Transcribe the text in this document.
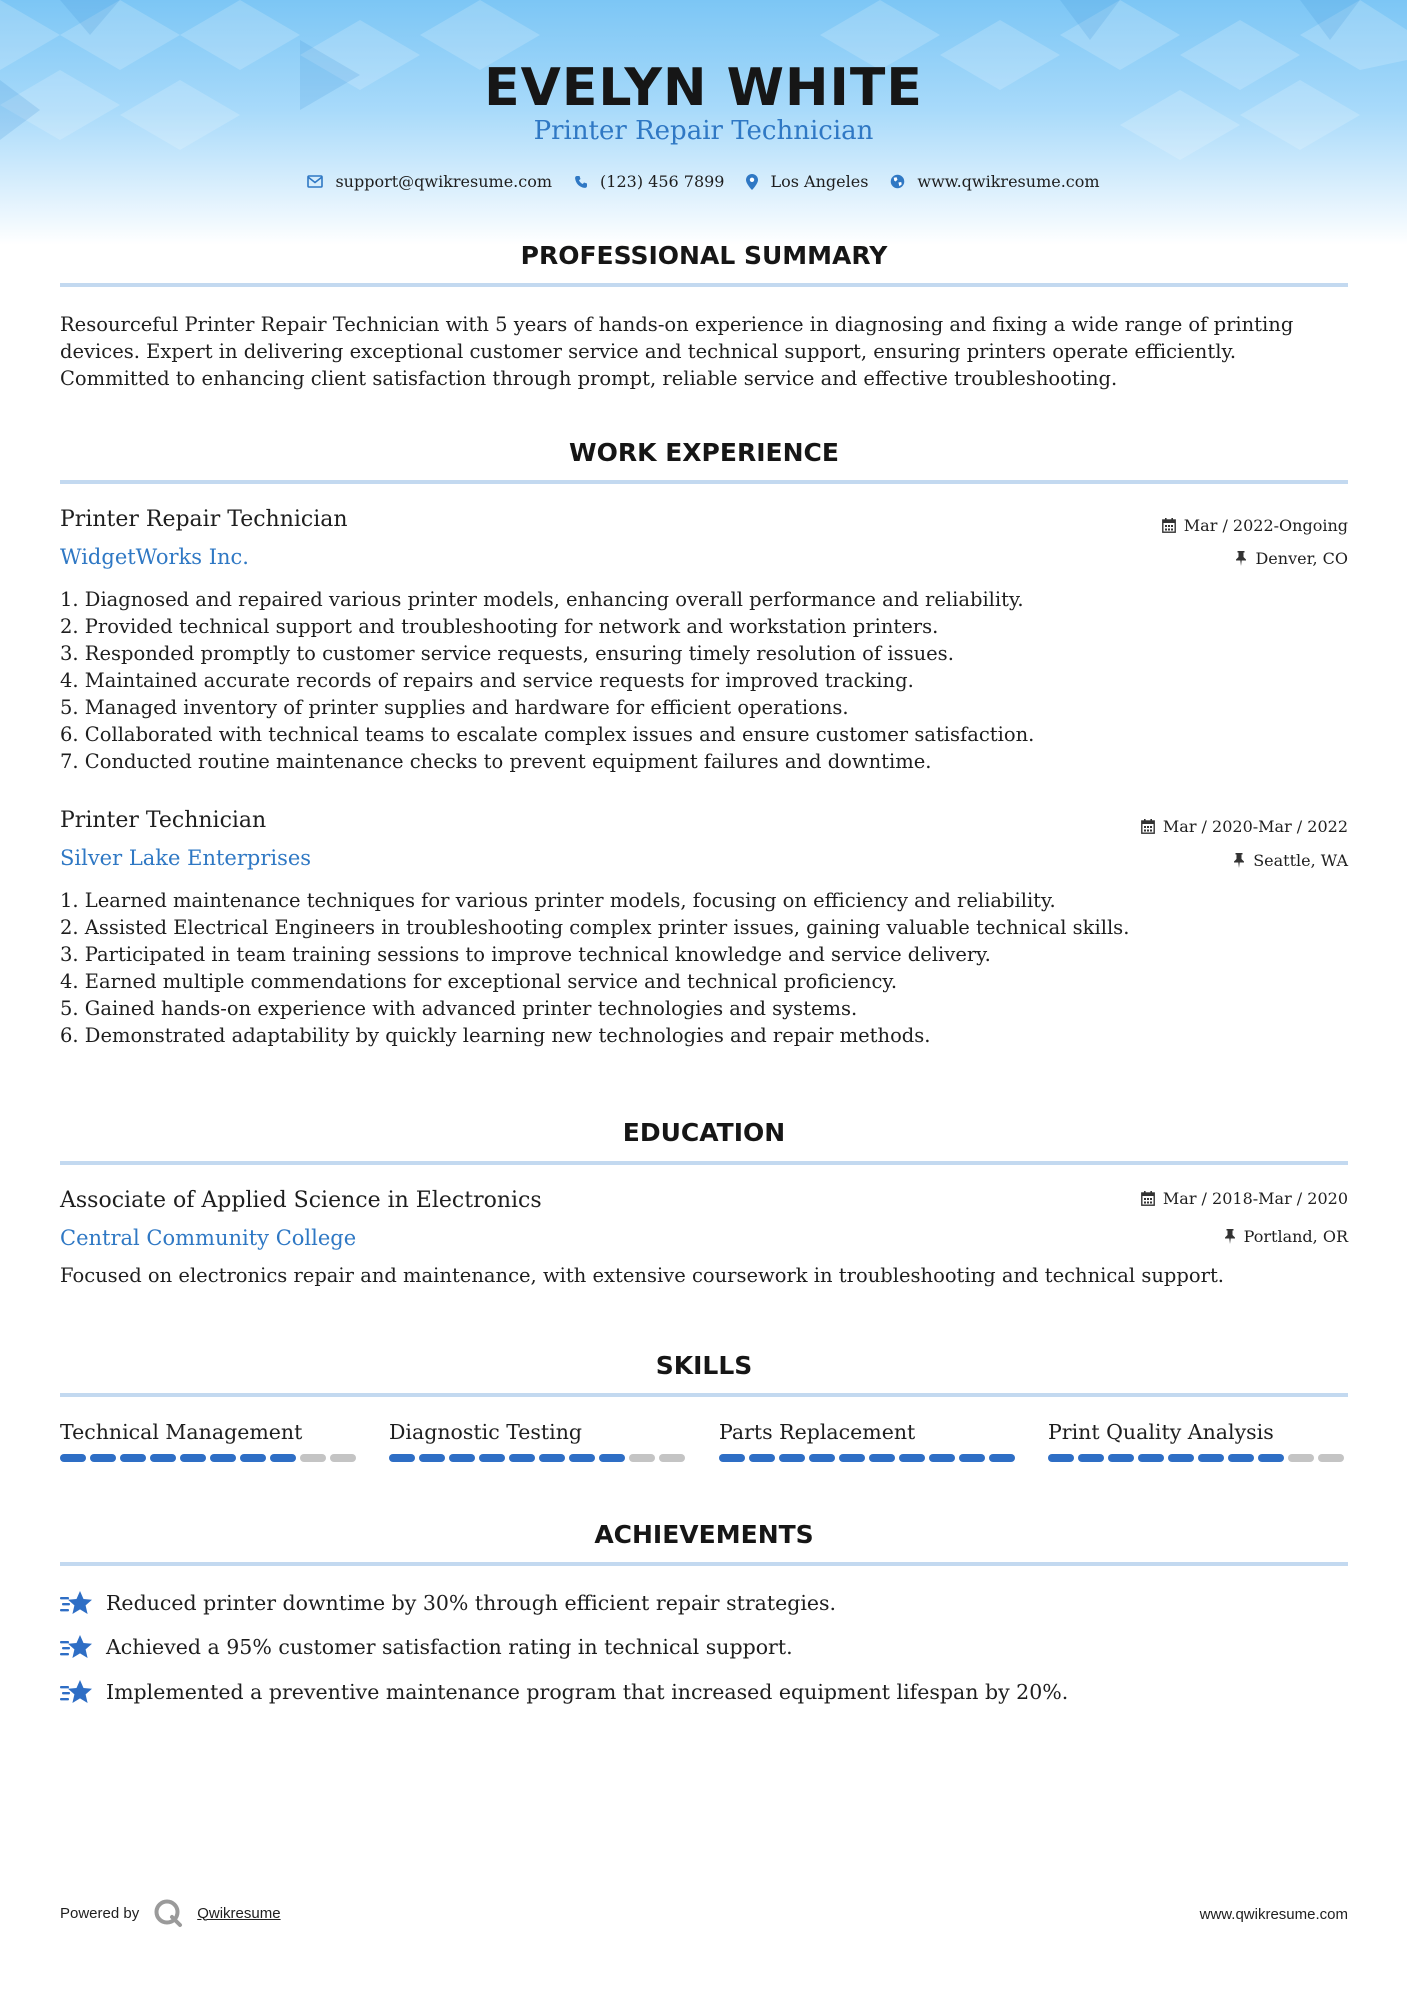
EVELYN WHITE
Printer Repair Technician
support@qwikresume.com	(123) 456 7899	Los Angeles	www.qwikresume.com
PROFESSIONAL SUMMARY
Resourceful Printer Repair Technician with 5 years of hands-on experience in diagnosing and fixing a wide range of printing
devices. Expert in delivering exceptional customer service and technical support, ensuring printers operate efficiently.
Committed to enhancing client satisfaction through prompt, reliable service and effective troubleshooting.
WORK EXPERIENCE
Printer Repair Technician	Mar / 2022-Ongoing
WidgetWorks Inc.	Denver, CO
1. Diagnosed and repaired various printer models, enhancing overall performance and reliability.
2. Provided technical support and troubleshooting for network and workstation printers.
3. Responded promptly to customer service requests, ensuring timely resolution of issues.
4. Maintained accurate records of repairs and service requests for improved tracking.
5. Managed inventory of printer supplies and hardware for efficient operations.
6. Collaborated with technical teams to escalate complex issues and ensure customer satisfaction.
7. Conducted routine maintenance checks to prevent equipment failures and downtime.
Printer Technician	Mar / 2020-Mar / 2022
Silver Lake Enterprises	Seattle, WA
1. Learned maintenance techniques for various printer models, focusing on efficiency and reliability.
2. Assisted Electrical Engineers in troubleshooting complex printer issues, gaining valuable technical skills.
3. Participated in team training sessions to improve technical knowledge and service delivery.
4. Earned multiple commendations for exceptional service and technical proficiency.
5. Gained hands-on experience with advanced printer technologies and systems.
6. Demonstrated adaptability by quickly learning new technologies and repair methods.
EDUCATION
Associate of Applied Science in Electronics	Mar / 2018-Mar / 2020
Central Community College	Portland, OR
Focused on electronics repair and maintenance, with extensive coursework in troubleshooting and technical support.
SKILLS
Technical Management	Diagnostic Testing	Parts Replacement	Print Quality Analysis
ACHIEVEMENTS
Reduced printer downtime by 30% through efficient repair strategies.
Achieved a 95% customer satisfaction rating in technical support.
Implemented a preventive maintenance program that increased equipment lifespan by 20%.
Powered by	Qwikresume	www.qwikresume.com
